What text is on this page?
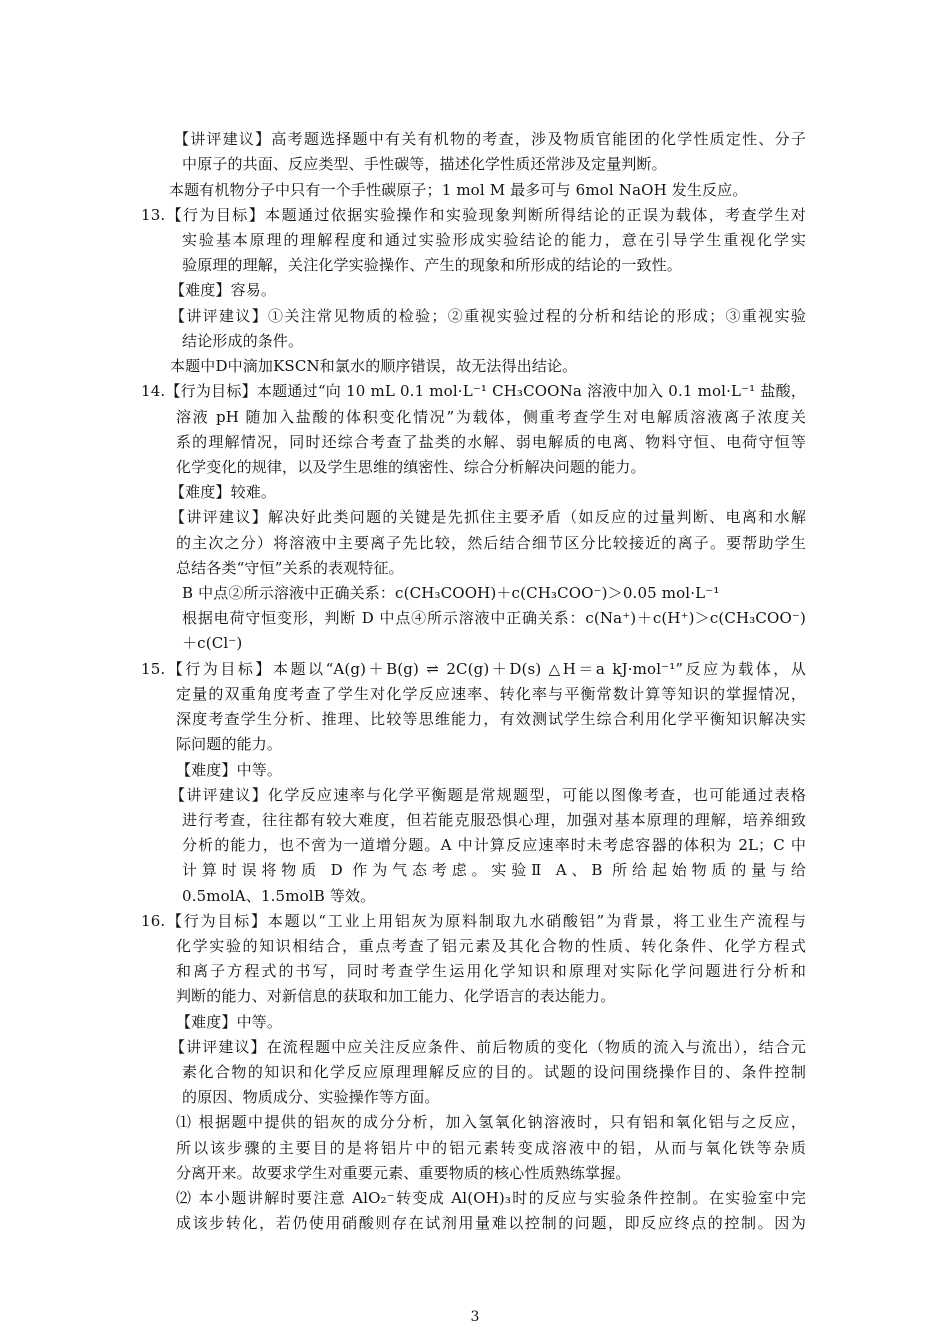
【讲评建议】高考题选择题中有关有机物的考查，涉及物质官能团的化学性质定性、分子
中原子的共面、反应类型、手性碳等，描述化学性质还常涉及定量判断。
本题有机物分子中只有一个手性碳原子；1 mol M 最多可与 6mol NaOH 发生反应。
13.【行为目标】本题通过依据实验操作和实验现象判断所得结论的正误为载体，考查学生对
实验基本原理的理解程度和通过实验形成实验结论的能力，意在引导学生重视化学实
验原理的理解，关注化学实验操作、产生的现象和所形成的结论的一致性。
【难度】容易。
【讲评建议】①关注常见物质的检验；②重视实验过程的分析和结论的形成；③重视实验
结论形成的条件。
本题中D中滴加KSCN和氯水的顺序错误，故无法得出结论。
14.【行为目标】本题通过“向 10 mL 0.1 mol·L⁻¹ CH₃COONa 溶液中加入 0.1 mol·L⁻¹ 盐酸，
溶液 pH 随加入盐酸的体积变化情况”为载体，侧重考查学生对电解质溶液离子浓度关
系的理解情况，同时还综合考查了盐类的水解、弱电解质的电离、物料守恒、电荷守恒等
化学变化的规律，以及学生思维的缜密性、综合分析解决问题的能力。
【难度】较难。
【讲评建议】解决好此类问题的关键是先抓住主要矛盾（如反应的过量判断、电离和水解
的主次之分）将溶液中主要离子先比较，然后结合细节区分比较接近的离子。要帮助学生
总结各类“守恒”关系的表观特征。
B 中点②所示溶液中正确关系：c(CH₃COOH)＋c(CH₃COO⁻)＞0.05 mol·L⁻¹
根据电荷守恒变形，判断 D 中点④所示溶液中正确关系：c(Na⁺)＋c(H⁺)＞c(CH₃COO⁻)
＋c(Cl⁻)
15.【行为目标】本题以“A(g)＋B(g) ⇌ 2C(g)＋D(s) △H＝a kJ·mol⁻¹”反应为载体，从
定量的双重角度考查了学生对化学反应速率、转化率与平衡常数计算等知识的掌握情况，
深度考查学生分析、推理、比较等思维能力，有效测试学生综合利用化学平衡知识解决实
际问题的能力。
【难度】中等。
【讲评建议】化学反应速率与化学平衡题是常规题型，可能以图像考查，也可能通过表格
进行考查，往往都有较大难度，但若能克服恐惧心理，加强对基本原理的理解，培养细致
分析的能力，也不啻为一道增分题。A 中计算反应速率时未考虑容器的体积为 2L；C 中
计算时误将物质 D 作为气态考虑。实验Ⅱ A、B 所给起始物质的量与给
0.5molA、1.5molB 等效。
16.【行为目标】本题以“工业上用铝灰为原料制取九水硝酸铝”为背景，将工业生产流程与
化学实验的知识相结合，重点考查了铝元素及其化合物的性质、转化条件、化学方程式
和离子方程式的书写，同时考查学生运用化学知识和原理对实际化学问题进行分析和
判断的能力、对新信息的获取和加工能力、化学语言的表达能力。
【难度】中等。
【讲评建议】在流程题中应关注反应条件、前后物质的变化（物质的流入与流出），结合元
素化合物的知识和化学反应原理理解反应的目的。试题的设问围绕操作目的、条件控制
的原因、物质成分、实验操作等方面。
⑴ 根据题中提供的铝灰的成分分析，加入氢氧化钠溶液时，只有铝和氧化铝与之反应，
所以该步骤的主要目的是将铝片中的铝元素转变成溶液中的铝，从而与氧化铁等杂质
分离开来。故要求学生对重要元素、重要物质的核心性质熟练掌握。
⑵ 本小题讲解时要注意 AlO₂⁻转变成 Al(OH)₃时的反应与实验条件控制。在实验室中完
成该步转化，若仍使用硝酸则存在试剂用量难以控制的问题，即反应终点的控制。因为
3
